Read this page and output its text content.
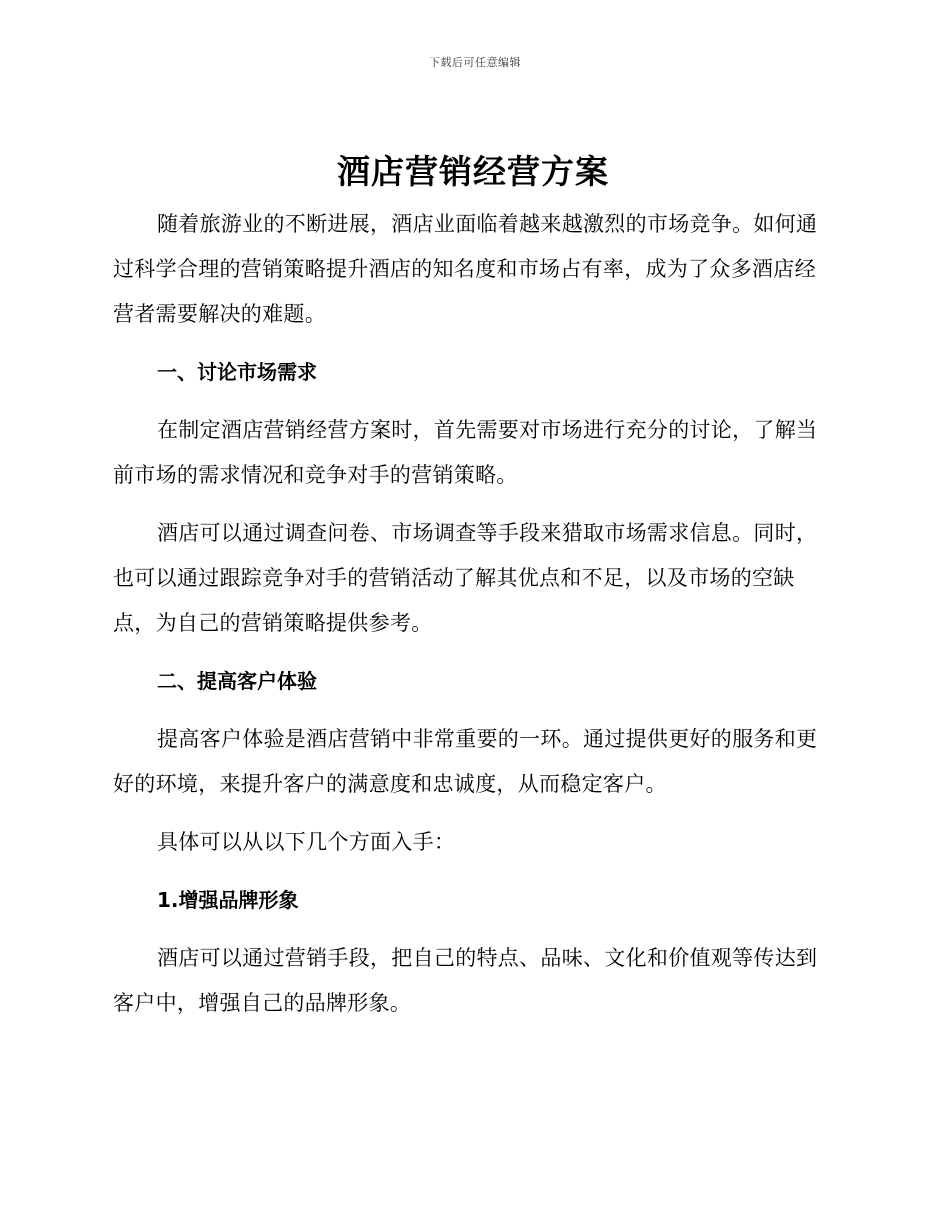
下载后可任意编辑
酒店营销经营方案

随着旅游业的不断进展，酒店业面临着越来越激烈的市场竞争。如何通过科学合理的营销策略提升酒店的知名度和市场占有率，成为了众多酒店经营者需要解决的难题。

一、讨论市场需求

在制定酒店营销经营方案时，首先需要对市场进行充分的讨论，了解当前市场的需求情况和竞争对手的营销策略。

酒店可以通过调查问卷、市场调查等手段来猎取市场需求信息。同时，也可以通过跟踪竞争对手的营销活动了解其优点和不足，以及市场的空缺点，为自己的营销策略提供参考。

二、提高客户体验

提高客户体验是酒店营销中非常重要的一环。通过提供更好的服务和更好的环境，来提升客户的满意度和忠诚度，从而稳定客户。

具体可以从以下几个方面入手：

1.增强品牌形象

酒店可以通过营销手段，把自己的特点、品味、文化和价值观等传达到客户中，增强自己的品牌形象。
